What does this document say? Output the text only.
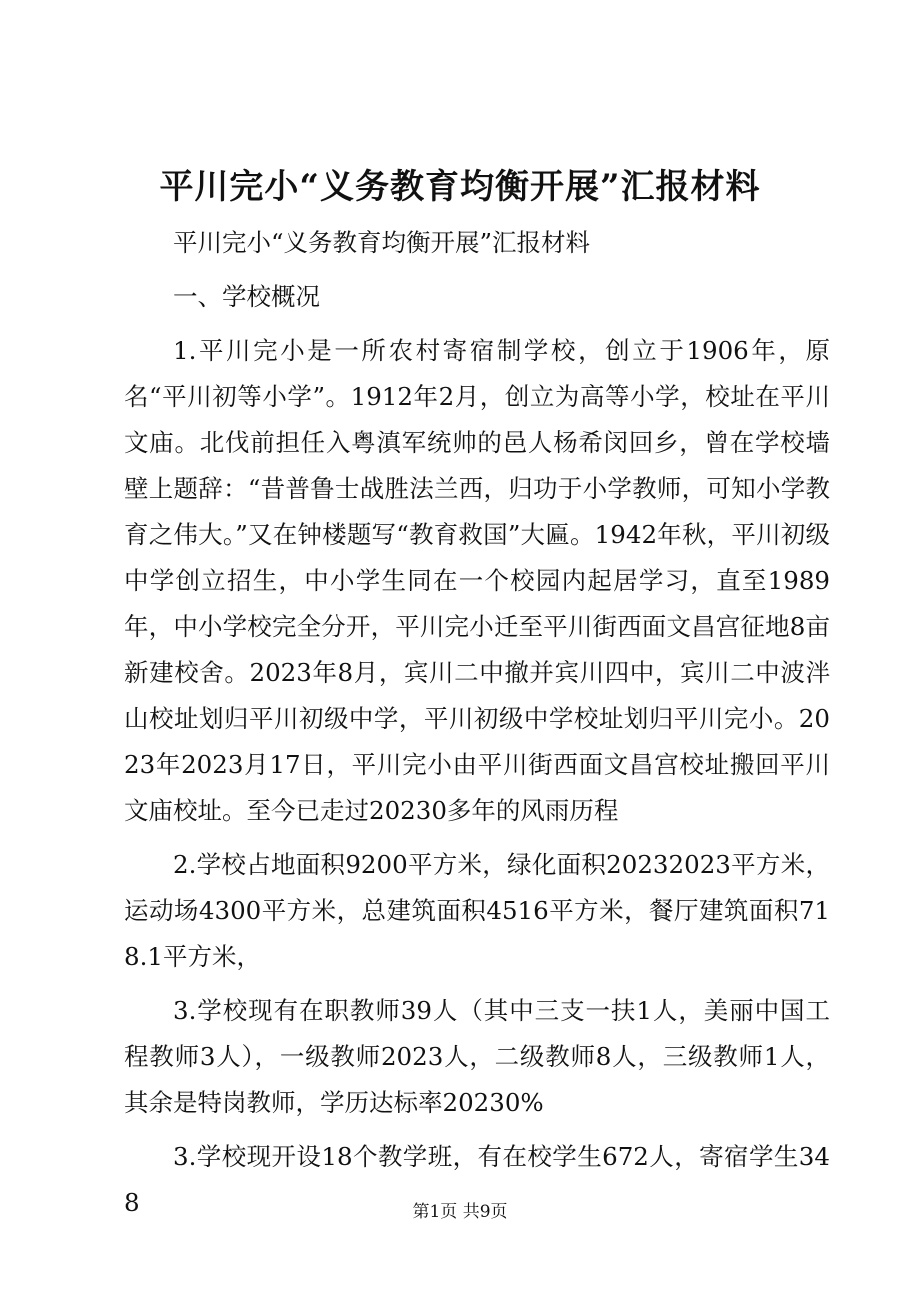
平川完小“义务教育均衡开展”汇报材料

平川完小“义务教育均衡开展”汇报材料

一、学校概况

1.平川完小是一所农村寄宿制学校，创立于1906年，原名“平川初等小学”。1912年2月，创立为高等小学，校址在平川文庙。北伐前担任入粤滇军统帅的邑人杨希闵回乡，曾在学校墙壁上题辞：“昔普鲁士战胜法兰西，归功于小学教师，可知小学教育之伟大。”又在钟楼题写“教育救国”大匾。1942年秋，平川初级中学创立招生，中小学生同在一个校园内起居学习，直至1989年，中小学校完全分开，平川完小迁至平川街西面文昌宫征地8亩新建校舍。2023年8月，宾川二中撤并宾川四中，宾川二中波泮山校址划归平川初级中学，平川初级中学校址划归平川完小。2023年2023月17日，平川完小由平川街西面文昌宫校址搬回平川文庙校址。至今已走过20230多年的风雨历程

2.学校占地面积9200平方米，绿化面积20232023平方米，运动场4300平方米，总建筑面积4516平方米，餐厅建筑面积718.1平方米，

3.学校现有在职教师39人（其中三支一扶1人，美丽中国工程教师3人），一级教师2023人，二级教师8人，三级教师1人，其余是特岗教师，学历达标率20230%

3.学校现开设18个教学班，有在校学生672人，寄宿学生348	第1页 共9页
